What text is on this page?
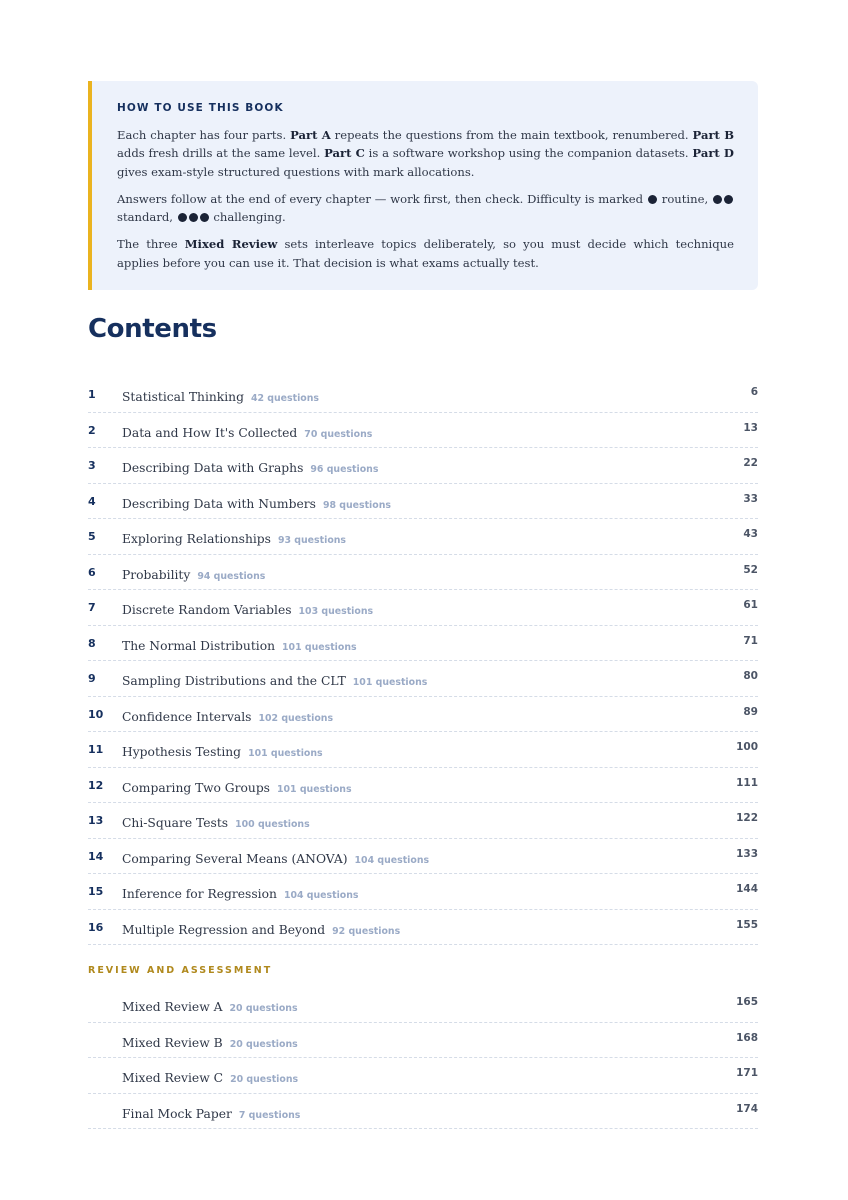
HOW TO USE THIS BOOK

Each chapter has four parts. Part A repeats the questions from the main textbook, renumbered. Part B adds fresh drills at the same level. Part C is a software workshop using the companion datasets. Part D gives exam-style structured questions with mark allocations.

Answers follow at the end of every chapter — work first, then check. Difficulty is marked routine,  standard,	challenging.

The three Mixed Review sets interleave topics deliberately, so you must decide which technique applies before you can use it. That decision is what exams actually test.

Contents
1 Statistical Thinking 42 questions
6
2 Data and How It's Collected 70 questions
13
3 Describing Data with Graphs 96 questions
22
4 Describing Data with Numbers 98 questions
33
5 Exploring Relationships 93 questions
43
6 Probability 94 questions
52
7 Discrete Random Variables 103 questions
61
8 The Normal Distribution 101 questions
71
9 Sampling Distributions and the CLT 101 questions
80
10 Confidence Intervals 102 questions
89
11 Hypothesis Testing 101 questions
100
12 Comparing Two Groups 101 questions
111
13 Chi-Square Tests 100 questions
122
14 Comparing Several Means (ANOVA) 104 questions
133
15 Inference for Regression 104 questions
144
16 Multiple Regression and Beyond 92 questions
155
REVIEW AND ASSESSMENT
Mixed Review A 20 questions
165
Mixed Review B 20 questions
168
Mixed Review C 20 questions
171
Final Mock Paper 7 questions
174
